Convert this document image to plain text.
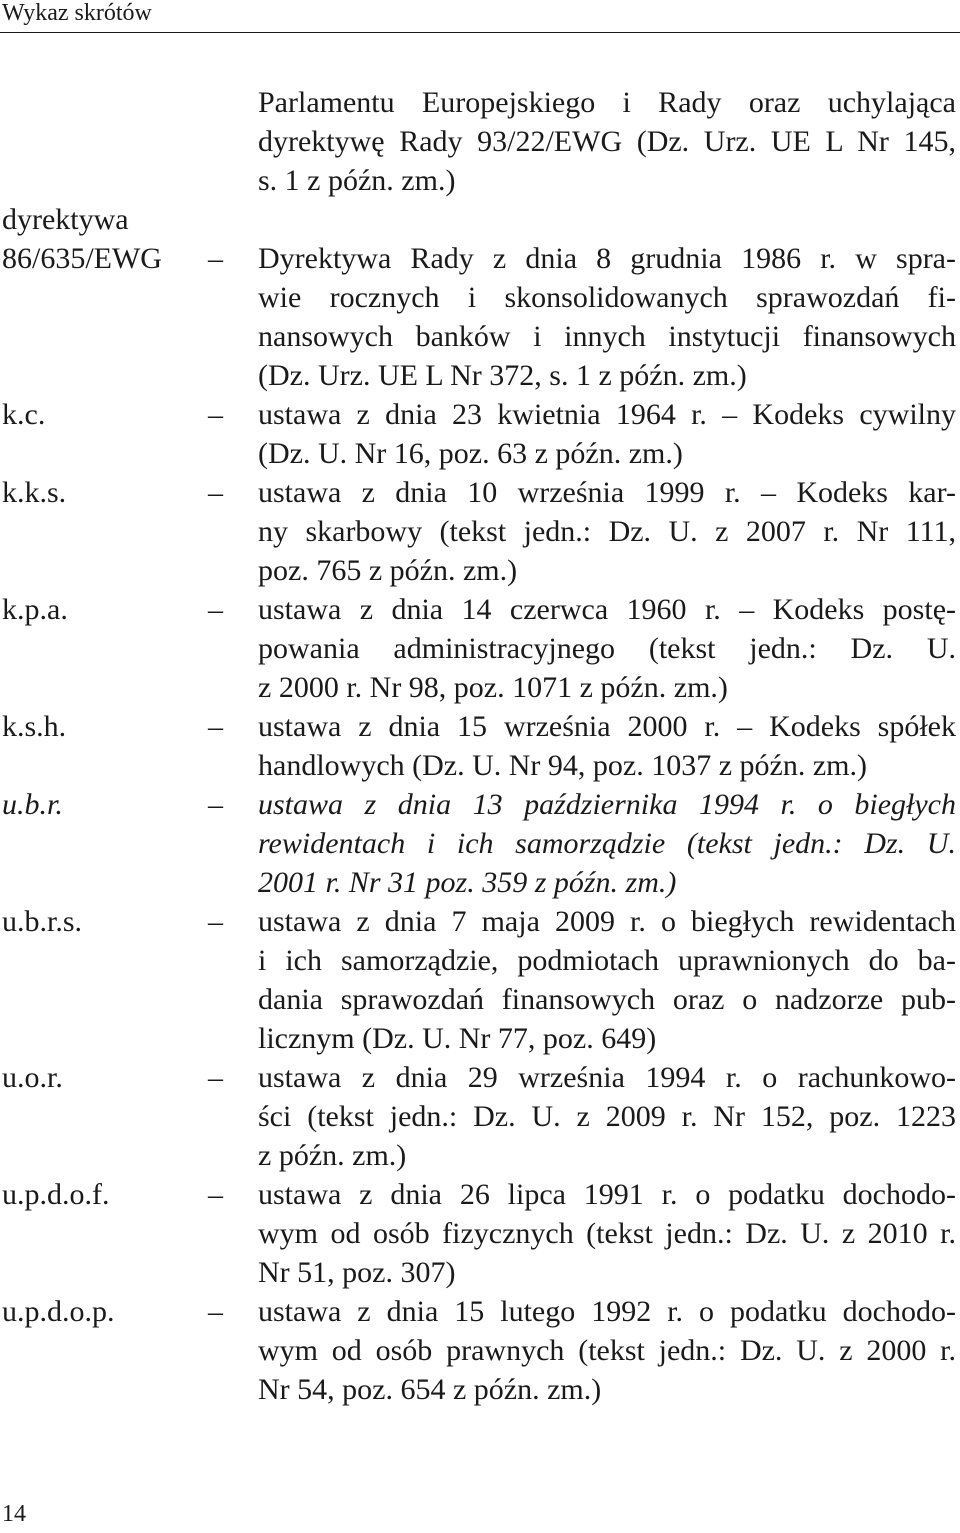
Wykaz skrótów
Parlamentu Europejskiego i Rady oraz uchylająca
dyrektywę Rady 93/22/EWG (Dz. Urz. UE L Nr 145,
s. 1 z późn. zm.)
dyrektywa
86/635/EWG – Dyrektywa Rady z dnia 8 grudnia 1986 r. w spra-
wie rocznych i skonsolidowanych sprawozdań fi-
nansowych banków i innych instytucji finansowych
(Dz. Urz. UE L Nr 372, s. 1 z późn. zm.)
k.c.	– ustawa z dnia 23 kwietnia 1964 r. – Kodeks cywilny
(Dz. U. Nr 16, poz. 63 z późn. zm.)
k.k.s.	– ustawa z dnia 10 września 1999 r. – Kodeks kar-
ny skarbowy (tekst jedn.: Dz. U. z 2007 r. Nr 111,
poz. 765 z późn. zm.)
k.p.a.	– ustawa z dnia 14 czerwca 1960 r. – Kodeks postę-
powania administracyjnego (tekst jedn.: Dz. U.
z 2000 r. Nr 98, poz. 1071 z późn. zm.)
k.s.h.	– ustawa z dnia 15 września 2000 r. – Kodeks spółek
handlowych (Dz. U. Nr 94, poz. 1037 z późn. zm.)
u.b.r.	– ustawa z dnia 13 października 1994 r. o biegłych
rewidentach i ich samorządzie (tekst jedn.: Dz. U.
2001 r. Nr 31 poz. 359 z późn. zm.)
u.b.r.s.	– ustawa z dnia 7 maja 2009 r. o biegłych rewidentach
i ich samorządzie, podmiotach uprawnionych do ba-
dania sprawozdań finansowych oraz o nadzorze pub-
licznym (Dz. U. Nr 77, poz. 649)
u.o.r.	– ustawa z dnia 29 września 1994 r. o rachunkowo-
ści (tekst jedn.: Dz. U. z 2009 r. Nr 152, poz. 1223
z późn. zm.)
u.p.d.o.f.	– ustawa z dnia 26 lipca 1991 r. o podatku dochodo-
wym od osób fizycznych (tekst jedn.: Dz. U. z 2010 r.
Nr 51, poz. 307)
u.p.d.o.p.	– ustawa z dnia 15 lutego 1992 r. o podatku dochodo-
wym od osób prawnych (tekst jedn.: Dz. U. z 2000 r.
Nr 54, poz. 654 z późn. zm.)
14
